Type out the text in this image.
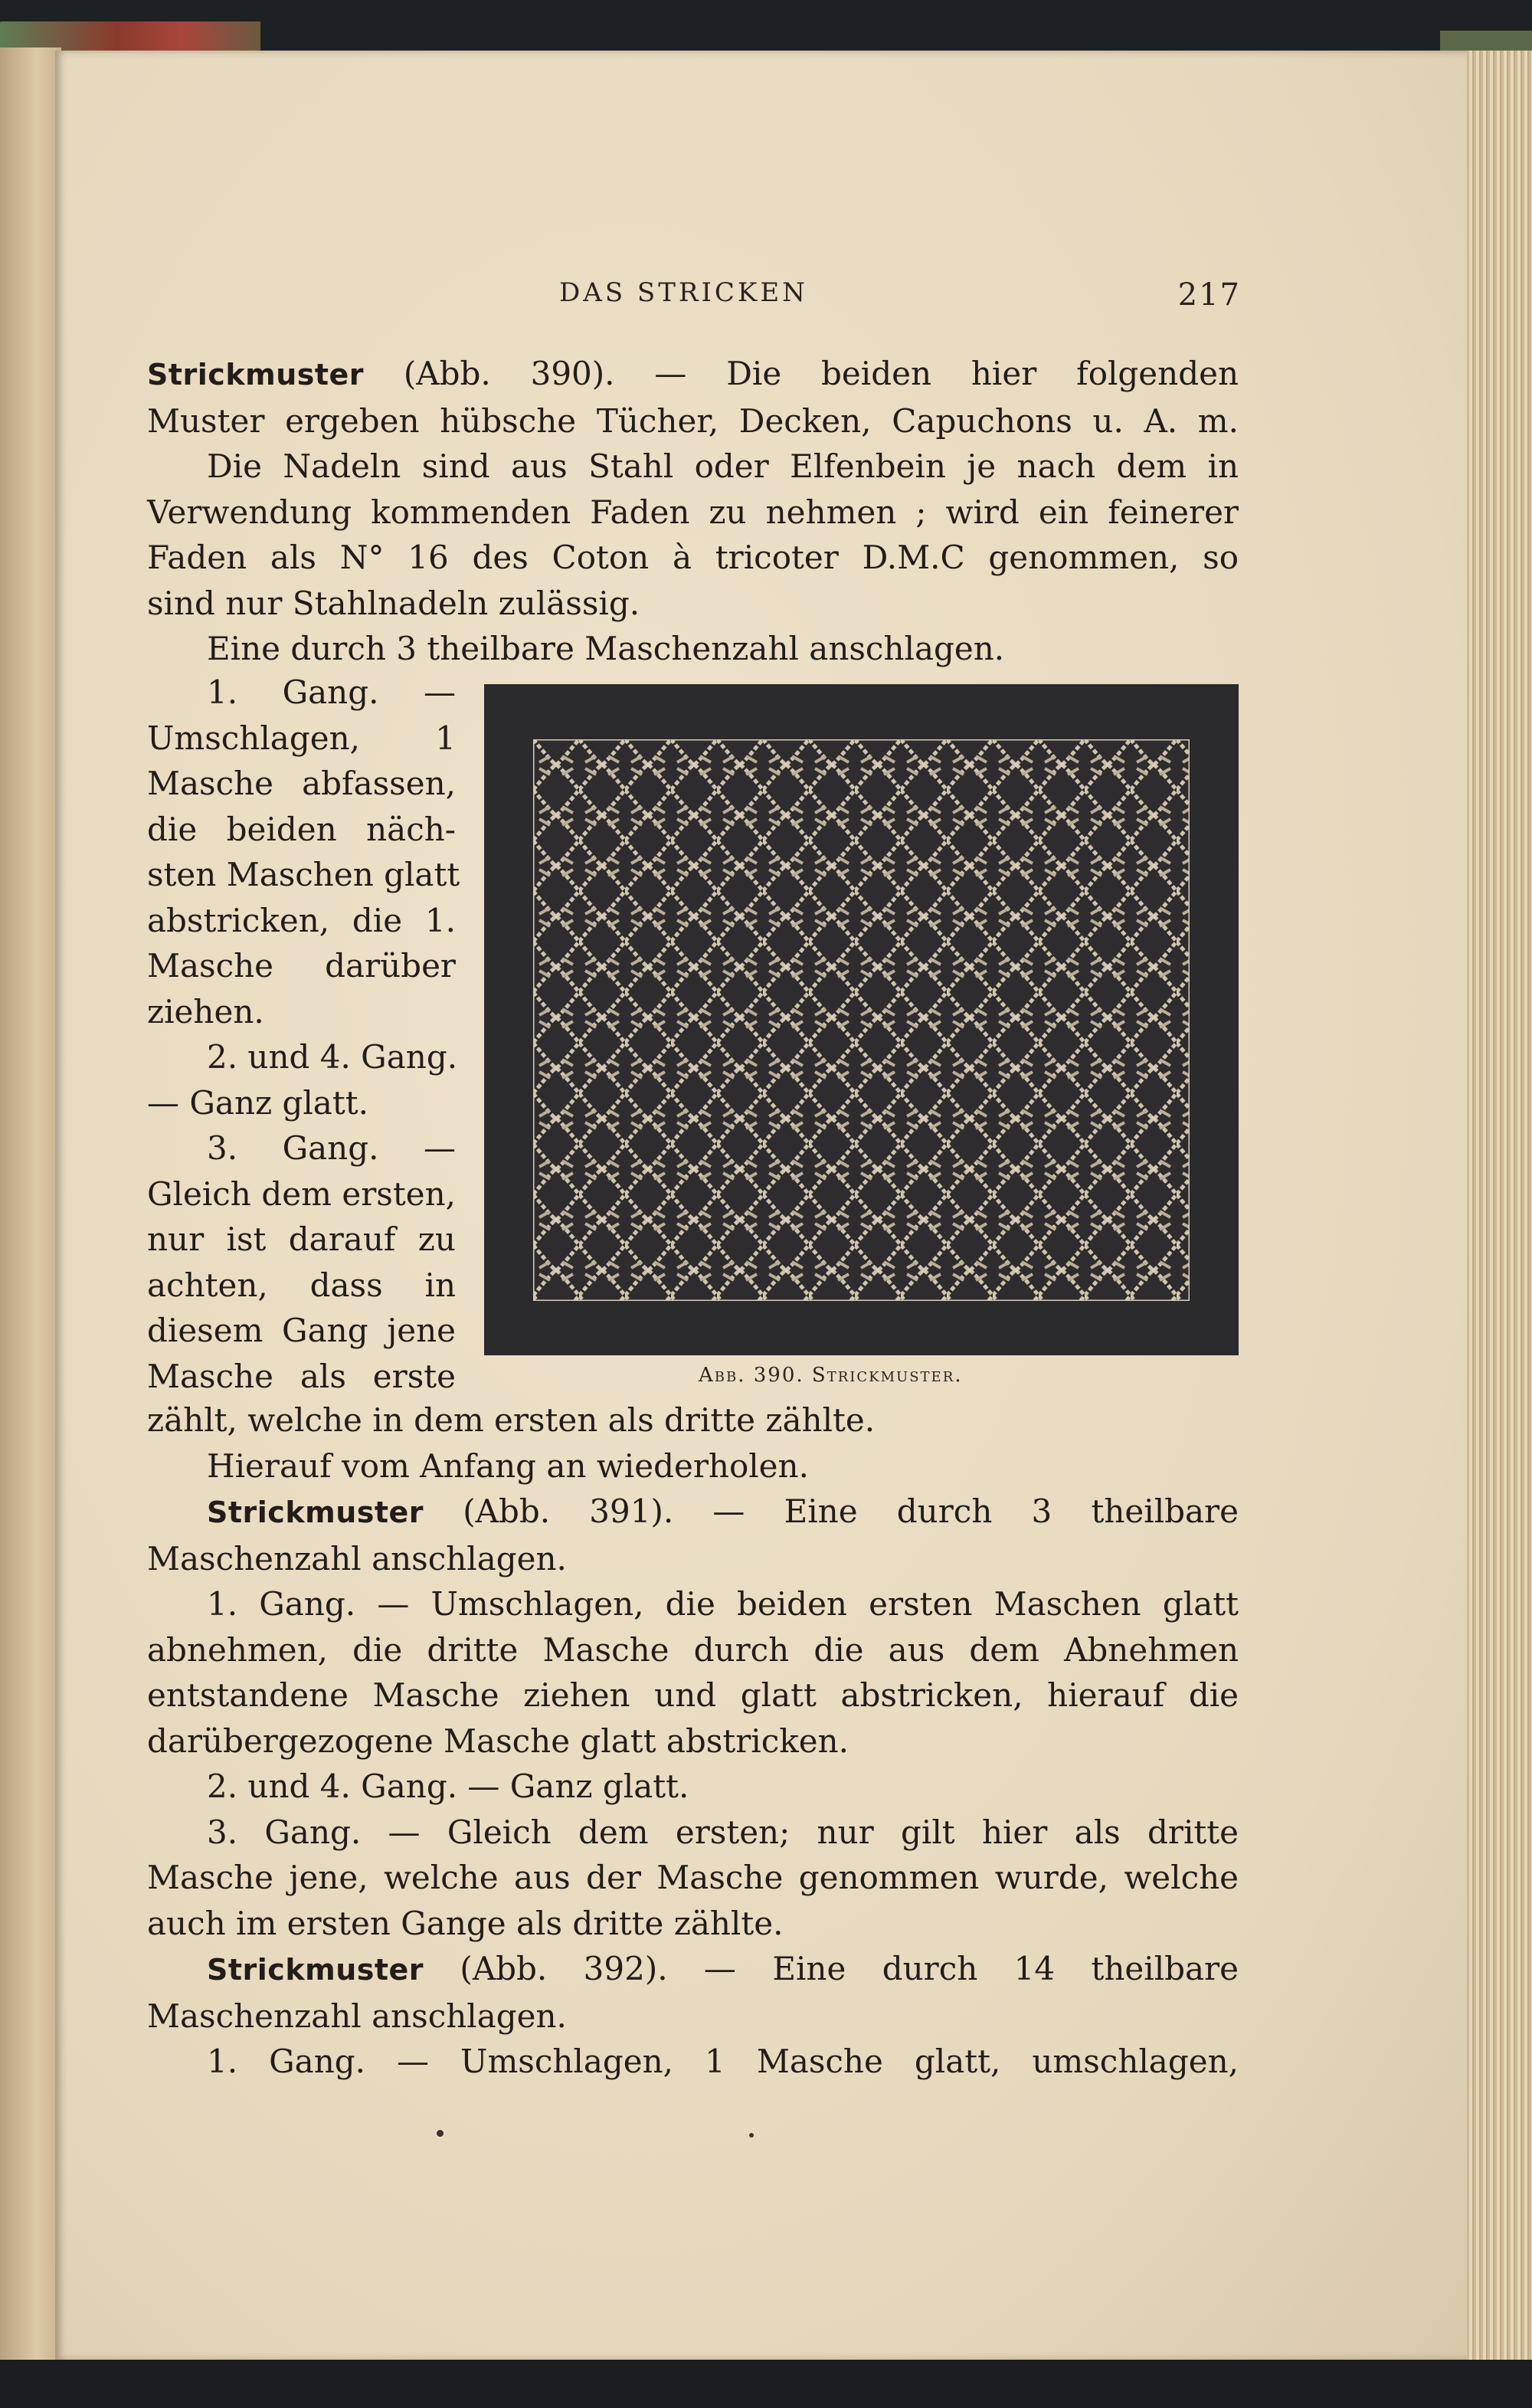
DAS STRICKEN	217

Strickmuster (Abb. 390). — Die beiden hier folgenden

Muster ergeben hübsche Tücher, Decken, Capuchons u. A. m.

Die Nadeln sind aus Stahl oder Elfenbein je nach dem in

Verwendung kommenden Faden zu nehmen ; wird ein feinerer

Faden als N° 16 des Coton à tricoter D.M.C genommen, so

sind nur Stahlnadeln zulässig.

Eine durch 3 theilbare Maschenzahl anschlagen.

1. Gang. —

Umschlagen, 1

Masche abfassen,

die beiden näch-

sten Maschen glatt

abstricken, die 1.

Masche darüber

ziehen.

2. und 4. Gang.

— Ganz glatt.

3. Gang. —

Gleich dem ersten,

nur ist darauf zu

achten, dass in

diesem Gang jene

Masche als erste	Abb. 390. Strickmuster.

zählt, welche in dem ersten als dritte zählte.

Hierauf vom Anfang an wiederholen.

Strickmuster (Abb. 391). — Eine durch 3 theilbare

Maschenzahl anschlagen.

1. Gang. — Umschlagen, die beiden ersten Maschen glatt

abnehmen, die dritte Masche durch die aus dem Abnehmen

entstandene Masche ziehen und glatt abstricken, hierauf die

darübergezogene Masche glatt abstricken.

2. und 4. Gang. — Ganz glatt.

3. Gang. — Gleich dem ersten; nur gilt hier als dritte

Masche jene, welche aus der Masche genommen wurde, welche

auch im ersten Gange als dritte zählte.

Strickmuster (Abb. 392). — Eine durch 14 theilbare

Maschenzahl anschlagen.

1. Gang. — Umschlagen, 1 Masche glatt, umschlagen,
